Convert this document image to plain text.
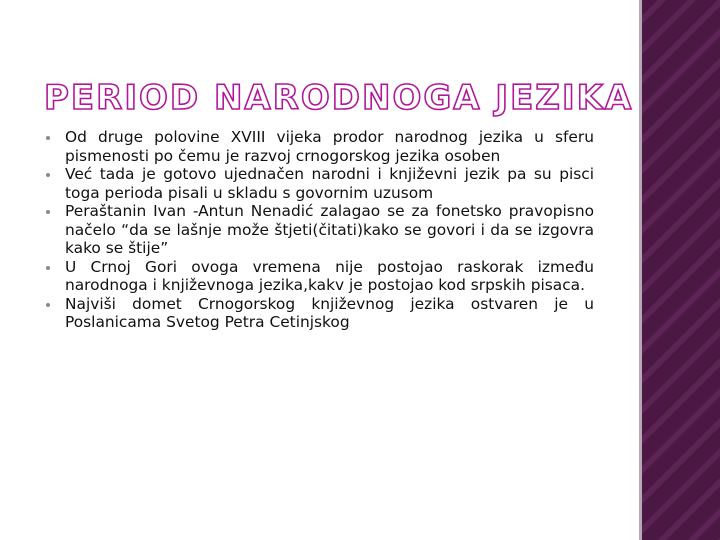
PERIOD NARODNOGA JEZIKA
Od druge polovine XVIII vijeka prodor narodnog jezika u sferu pismenosti po čemu je razvoj crnogorskog jezika osoben
Već tada je gotovo ujednačen narodni i književni jezik pa su pisci toga perioda pisali u skladu s govornim uzusom
Peraštanin Ivan -Antun Nenadić zalagao se za fonetsko pravopisno načelo “da se lašnje može štjeti(čitati)kako se govori i da se izgovra kako se štije”
U Crnoj Gori ovoga vremena nije postojao raskorak između narodnoga i književnoga jezika,kakv je postojao kod srpskih pisaca.
Najviši domet Crnogorskog književnog jezika ostvaren je u Poslanicama Svetog Petra Cetinjskog
